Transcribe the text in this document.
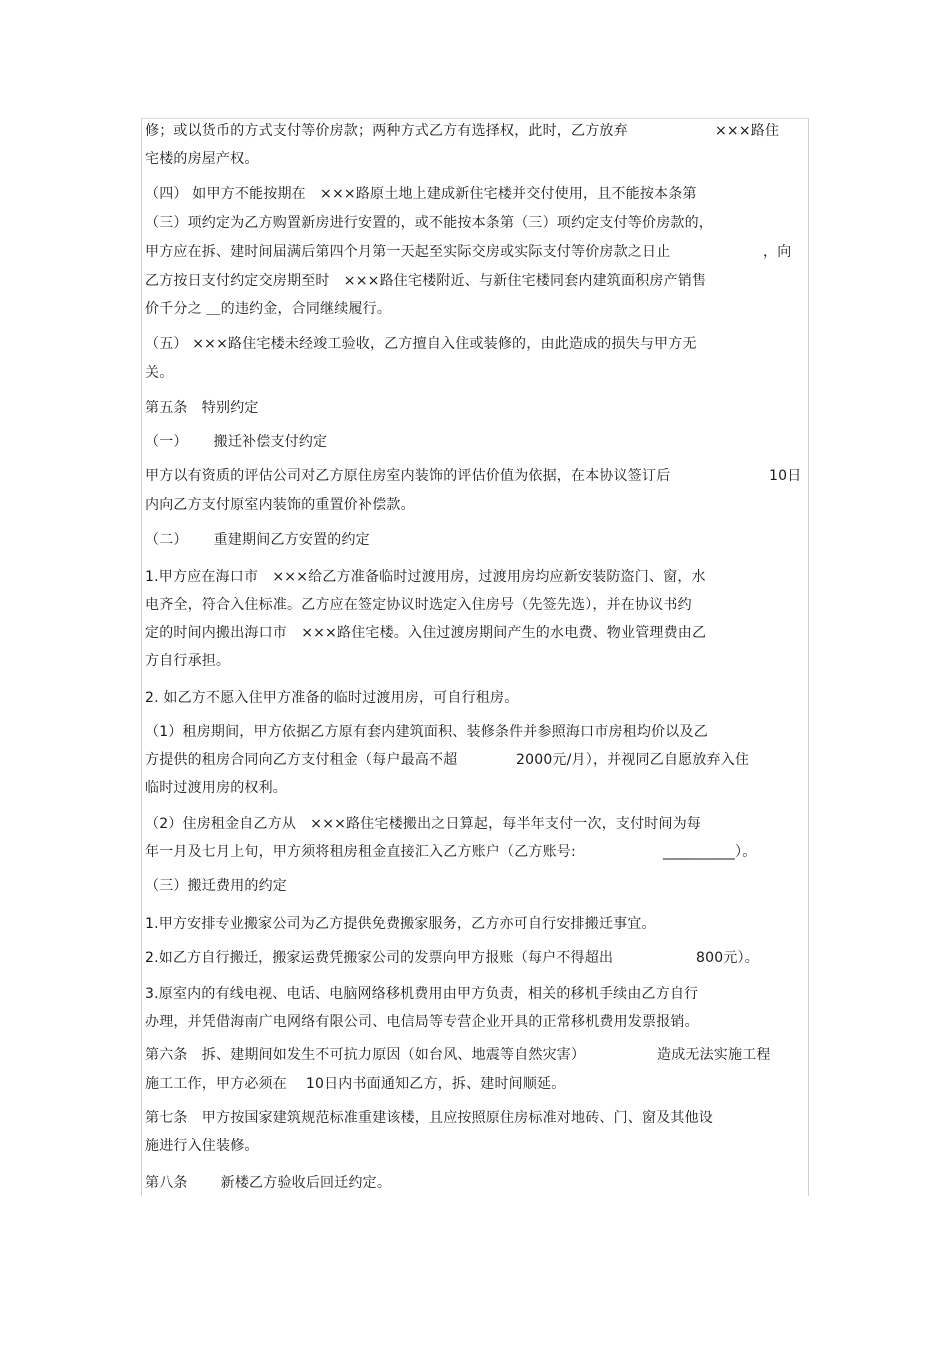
修；或以货币的方式支付等价房款；两种方式乙方有选择权，此时，乙方放弃	×××路住
宅楼的房屋产权。
（四） 如甲方不能按期在　×××路原土地上建成新住宅楼并交付使用，且不能按本条第
（三）项约定为乙方购置新房进行安置的，或不能按本条第（三）项约定支付等价房款的，
甲方应在拆、建时间届满后第四个月第一天起至实际交房或实际支付等价房款之日止	，向
乙方按日支付约定交房期至时　×××路住宅楼附近、与新住宅楼同套内建筑面积房产销售
价千分之 ＿的违约金，合同继续履行。
（五） ×××路住宅楼未经竣工验收，乙方擅自入住或装修的，由此造成的损失与甲方无
关。
第五条　特别约定
（一）　　 搬迁补偿支付约定
甲方以有资质的评估公司对乙方原住房室内装饰的评估价值为依据，在本协议签订后	10日
内向乙方支付原室内装饰的重置价补偿款。
（二）　　 重建期间乙方安置的约定
1.甲方应在海口市　×××给乙方准备临时过渡用房，过渡用房均应新安装防盗门、窗，水
电齐全，符合入住标准。乙方应在签定协议时选定入住房号（先签先选），并在协议书约
定的时间内搬出海口市　×××路住宅楼。入住过渡房期间产生的水电费、物业管理费由乙
方自行承担。
2. 如乙方不愿入住甲方准备的临时过渡用房，可自行租房。
（1）租房期间，甲方依据乙方原有套内建筑面积、装修条件并参照海口市房租均价以及乙
方提供的租房合同向乙方支付租金（每户最高不超	2000元/月），并视同乙自愿放弃入住
临时过渡用房的权利。
（2）住房租金自乙方从　×××路住宅楼搬出之日算起，每半年支付一次，支付时间为每
年一月及七月上旬，甲方须将租房租金直接汇入乙方账户（乙方账号:	__________）。
（三）搬迁费用的约定
1.甲方安排专业搬家公司为乙方提供免费搬家服务，乙方亦可自行安排搬迁事宜。
2.如乙方自行搬迁，搬家运费凭搬家公司的发票向甲方报账（每户不得超出	800元）。
3.原室内的有线电视、电话、电脑网络移机费用由甲方负责，相关的移机手续由乙方自行
办理，并凭借海南广电网络有限公司、电信局等专营企业开具的正常移机费用发票报销。
第六条　拆、建期间如发生不可抗力原因（如台风、地震等自然灾害）	造成无法实施工程
施工工作，甲方必须在　 10日内书面通知乙方，拆、建时间顺延。
第七条　甲方按国家建筑规范标准重建该楼，且应按照原住房标准对地砖、门、窗及其他设
施进行入住装修。
第八条　　 新楼乙方验收后回迁约定。
